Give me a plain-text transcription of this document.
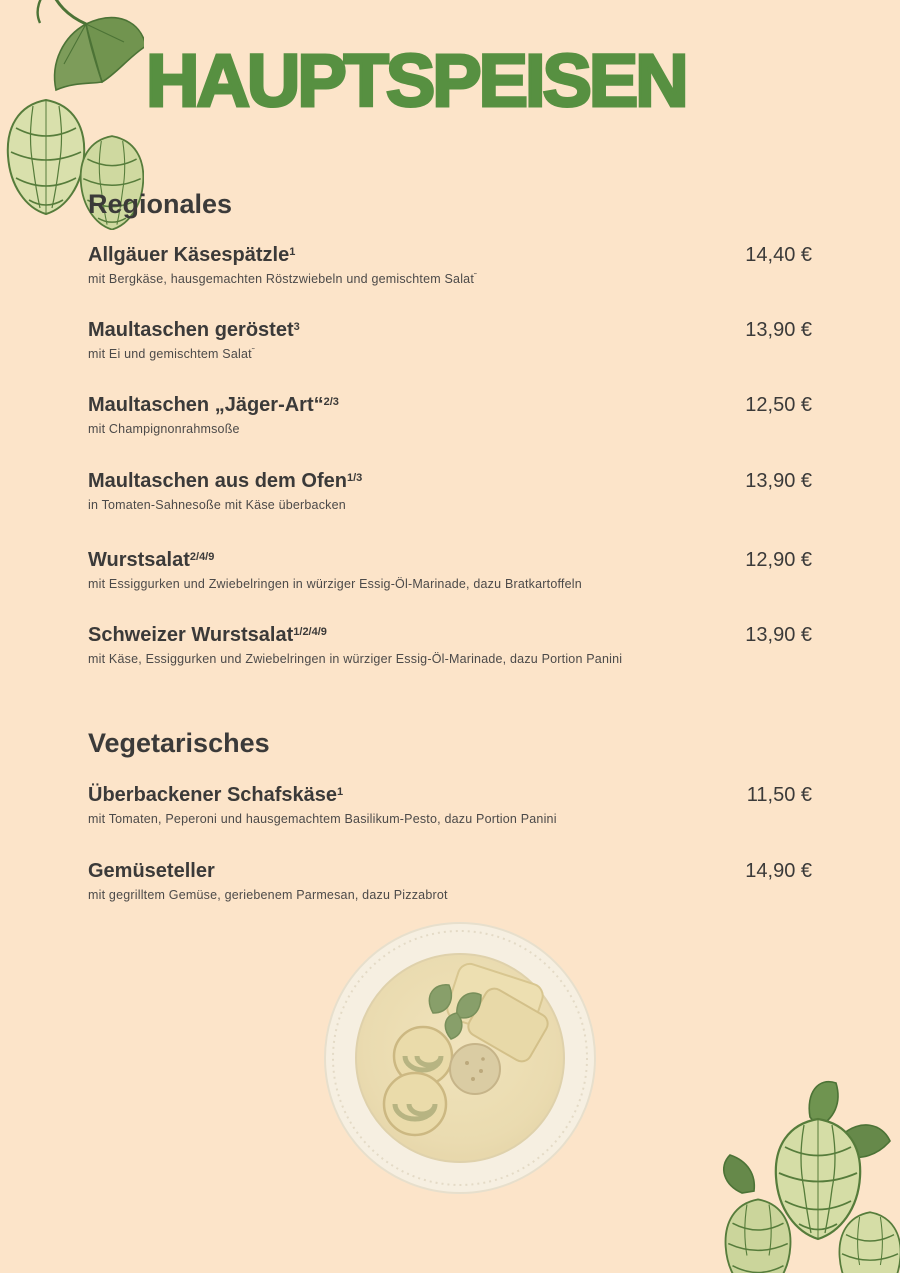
HAUPTSPEISEN
Regionales
Allgäuer Käsespätzle$^1$	14,40 €
mit Bergkäse, hausgemachten Röstzwiebeln und gemischtem Salat˜
Maultaschen geröstet$^3$	13,90 €
mit Ei und gemischtem Salat˜
Maultaschen „Jäger-Art“$^{2/3}$	12,50 €
mit Champignonrahmsoße
Maultaschen aus dem Ofen$^{1/3}$	13,90 €
in Tomaten-Sahnesoße mit Käse überbacken
Wurstsalat$^{2/4/9}$	12,90 €
mit Essiggurken und Zwiebelringen in würziger Essig-Öl-Marinade, dazu Bratkartoffeln
Schweizer Wurstsalat$^{1/2/4/9}$	13,90 €
mit Käse, Essiggurken und Zwiebelringen in würziger Essig-Öl-Marinade, dazu Portion Panini
Vegetarisches
Überbackener Schafskäse$^1$	11,50 €
mit Tomaten, Peperoni und hausgemachtem Basilikum-Pesto, dazu Portion Panini
Gemüseteller	14,90 €
mit gegrilltem Gemüse, geriebenem Parmesan, dazu Pizzabrot
